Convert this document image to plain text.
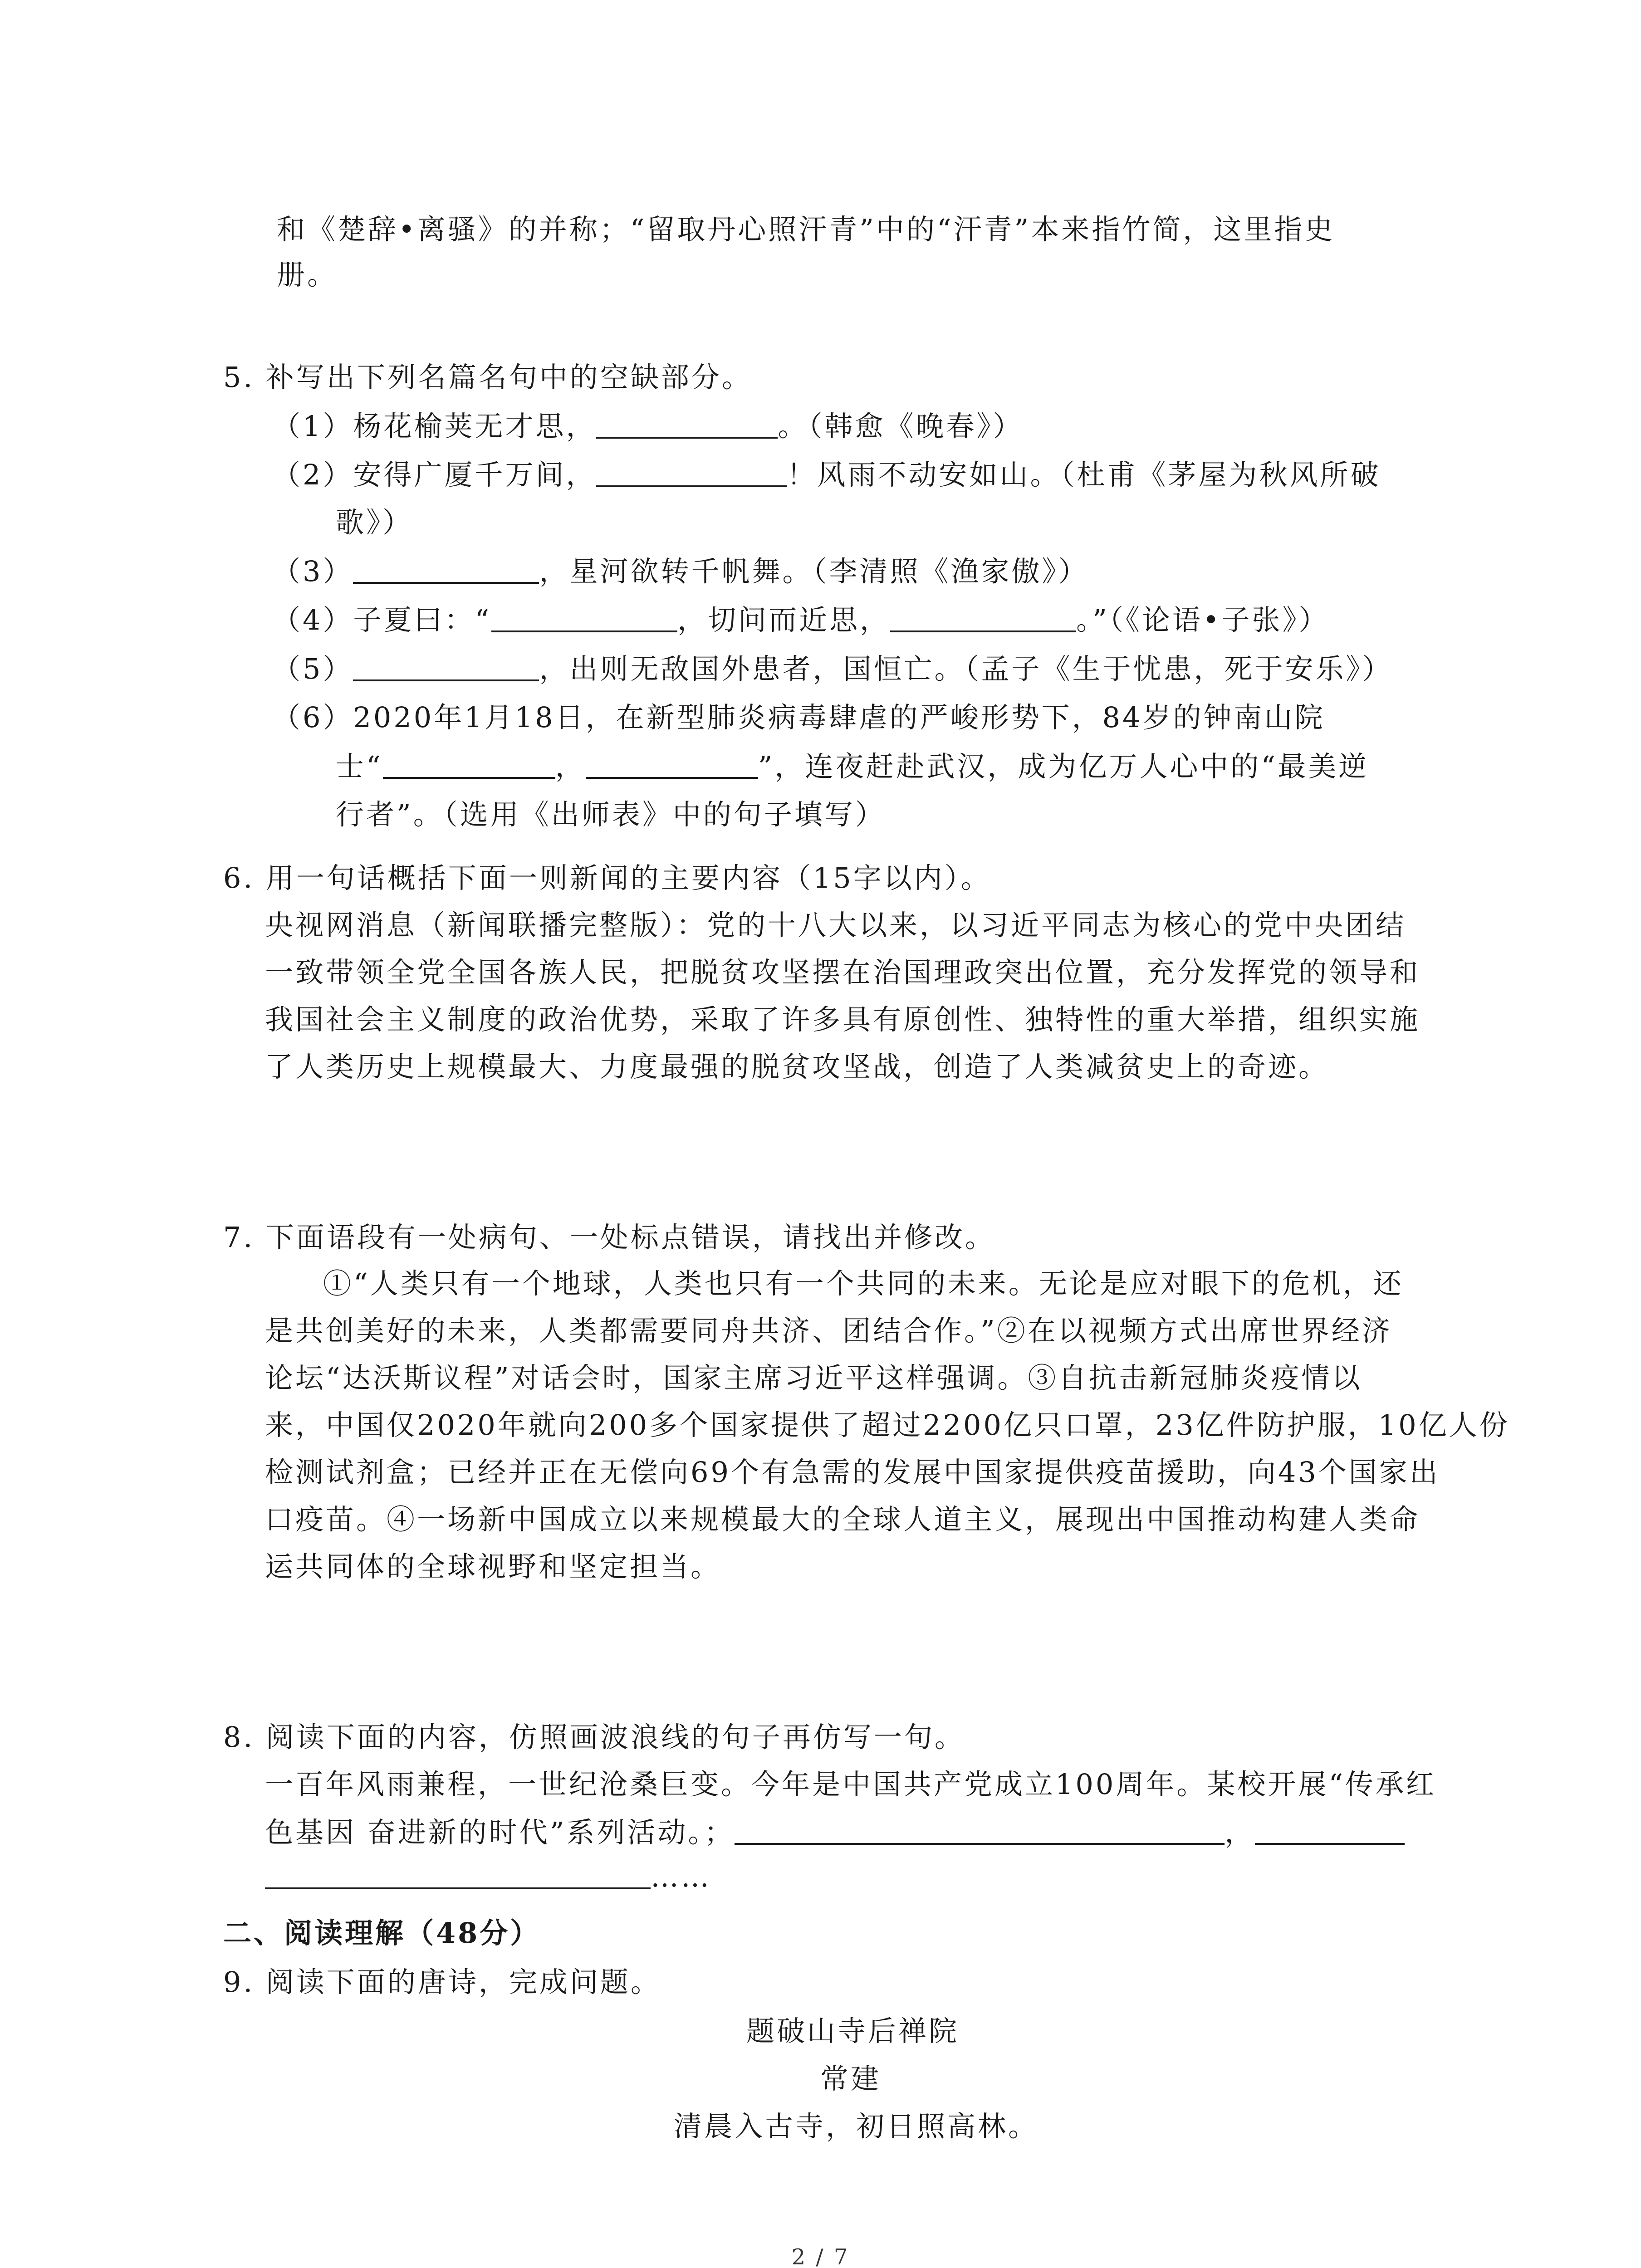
和《楚辞•离骚》的并称；“留取丹心照汗青”中的“汗青”本来指竹简，这里指史
册。
5. 补写出下列名篇名句中的空缺部分。
（1）杨花榆荚无才思，	。（韩愈《晚春》）
（2）安得广厦千万间，	！风雨不动安如山。（杜甫《茅屋为秋风所破
歌》）
（3）	，星河欲转千帆舞。（李清照《渔家傲》）
（4）子夏曰：“	，切问而近思，	。”（《论语•子张》）
（5）	，出则无敌国外患者，国恒亡。（孟子《生于忧患，死于安乐》）
（6）2020年1月18日，在新型肺炎病毒肆虐的严峻形势下，84岁的钟南山院
士“	，	”，连夜赶赴武汉，成为亿万人心中的“最美逆
行者”。（选用《出师表》中的句子填写）
6. 用一句话概括下面一则新闻的主要内容（15字以内）。
央视网消息（新闻联播完整版）：党的十八大以来，以习近平同志为核心的党中央团结
一致带领全党全国各族人民，把脱贫攻坚摆在治国理政突出位置，充分发挥党的领导和
我国社会主义制度的政治优势，采取了许多具有原创性、独特性的重大举措，组织实施
了人类历史上规模最大、力度最强的脱贫攻坚战，创造了人类减贫史上的奇迹。
7. 下面语段有一处病句、一处标点错误，请找出并修改。
①“人类只有一个地球，人类也只有一个共同的未来。无论是应对眼下的危机，还
是共创美好的未来，人类都需要同舟共济、团结合作。”②在以视频方式出席世界经济
论坛“达沃斯议程”对话会时，国家主席习近平这样强调。③自抗击新冠肺炎疫情以
来，中国仅2020年就向200多个国家提供了超过2200亿只口罩，23亿件防护服，10亿人份
检测试剂盒；已经并正在无偿向69个有急需的发展中国家提供疫苗援助，向43个国家出
口疫苗。④一场新中国成立以来规模最大的全球人道主义，展现出中国推动构建人类命
运共同体的全球视野和坚定担当。
8. 阅读下面的内容，仿照画波浪线的句子再仿写一句。
一百年风雨兼程，一世纪沧桑巨变。今年是中国共产党成立100周年。某校开展“传承红
色基因 奋进新的时代”系列活动。；	，
……
二、阅读理解（48分）
9. 阅读下面的唐诗，完成问题。
题破山寺后禅院
常建
清晨入古寺，初日照高林。
2 / 7
